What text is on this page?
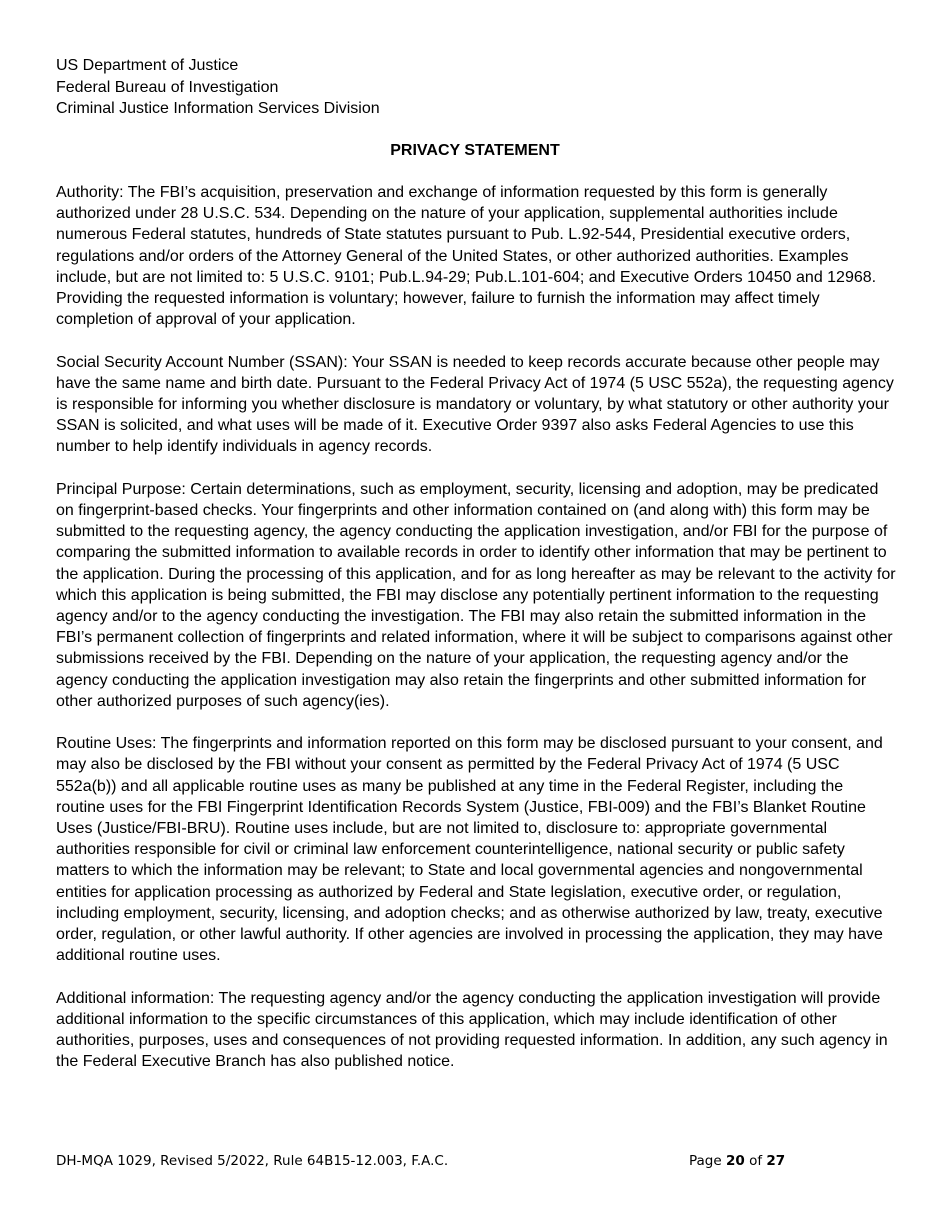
US Department of Justice
Federal Bureau of Investigation
Criminal Justice Information Services Division
PRIVACY STATEMENT

Authority: The FBI’s acquisition, preservation and exchange of information requested by this form is generally authorized under 28 U.S.C. 534. Depending on the nature of your application, supplemental authorities include numerous Federal statutes, hundreds of State statutes pursuant to Pub. L.92-544, Presidential executive orders, regulations and/or orders of the Attorney General of the United States, or other authorized authorities. Examples include, but are not limited to: 5 U.S.C. 9101; Pub.L.94-29; Pub.L.101-604; and Executive Orders 10450 and 12968. Providing the requested information is voluntary; however, failure to furnish the information may affect timely completion of approval of your application.

Social Security Account Number (SSAN): Your SSAN is needed to keep records accurate because other people may have the same name and birth date. Pursuant to the Federal Privacy Act of 1974 (5 USC 552a), the requesting agency is responsible for informing you whether disclosure is mandatory or voluntary, by what statutory or other authority your SSAN is solicited, and what uses will be made of it. Executive Order 9397 also asks Federal Agencies to use this number to help identify individuals in agency records.

Principal Purpose: Certain determinations, such as employment, security, licensing and adoption, may be predicated on fingerprint-based checks. Your fingerprints and other information contained on (and along with) this form may be submitted to the requesting agency, the agency conducting the application investigation, and/or FBI for the purpose of comparing the submitted information to available records in order to identify other information that may be pertinent to the application. During the processing of this application, and for as long hereafter as may be relevant to the activity for which this application is being submitted, the FBI may disclose any potentially pertinent information to the requesting agency and/or to the agency conducting the investigation. The FBI may also retain the submitted information in the FBI’s permanent collection of fingerprints and related information, where it will be subject to comparisons against other submissions received by the FBI. Depending on the nature of your application, the requesting agency and/or the agency conducting the application investigation may also retain the fingerprints and other submitted information for other authorized purposes of such agency(ies).

Routine Uses: The fingerprints and information reported on this form may be disclosed pursuant to your consent, and may also be disclosed by the FBI without your consent as permitted by the Federal Privacy Act of 1974 (5 USC 552a(b)) and all applicable routine uses as many be published at any time in the Federal Register, including the routine uses for the FBI Fingerprint Identification Records System (Justice, FBI-009) and the FBI’s Blanket Routine Uses (Justice/FBI-BRU). Routine uses include, but are not limited to, disclosure to: appropriate governmental authorities responsible for civil or criminal law enforcement counterintelligence, national security or public safety matters to which the information may be relevant; to State and local governmental agencies and nongovernmental entities for application processing as authorized by Federal and State legislation, executive order, or regulation, including employment, security, licensing, and adoption checks; and as otherwise authorized by law, treaty, executive order, regulation, or other lawful authority. If other agencies are involved in processing the application, they may have additional routine uses.

Additional information: The requesting agency and/or the agency conducting the application investigation will provide additional information to the specific circumstances of this application, which may include identification of other authorities, purposes, uses and consequences of not providing requested information. In addition, any such agency in the Federal Executive Branch has also published notice.

DH-MQA 1029, Revised 5/2022, Rule 64B15-12.003, F.A.C.	Page 20 of 27
